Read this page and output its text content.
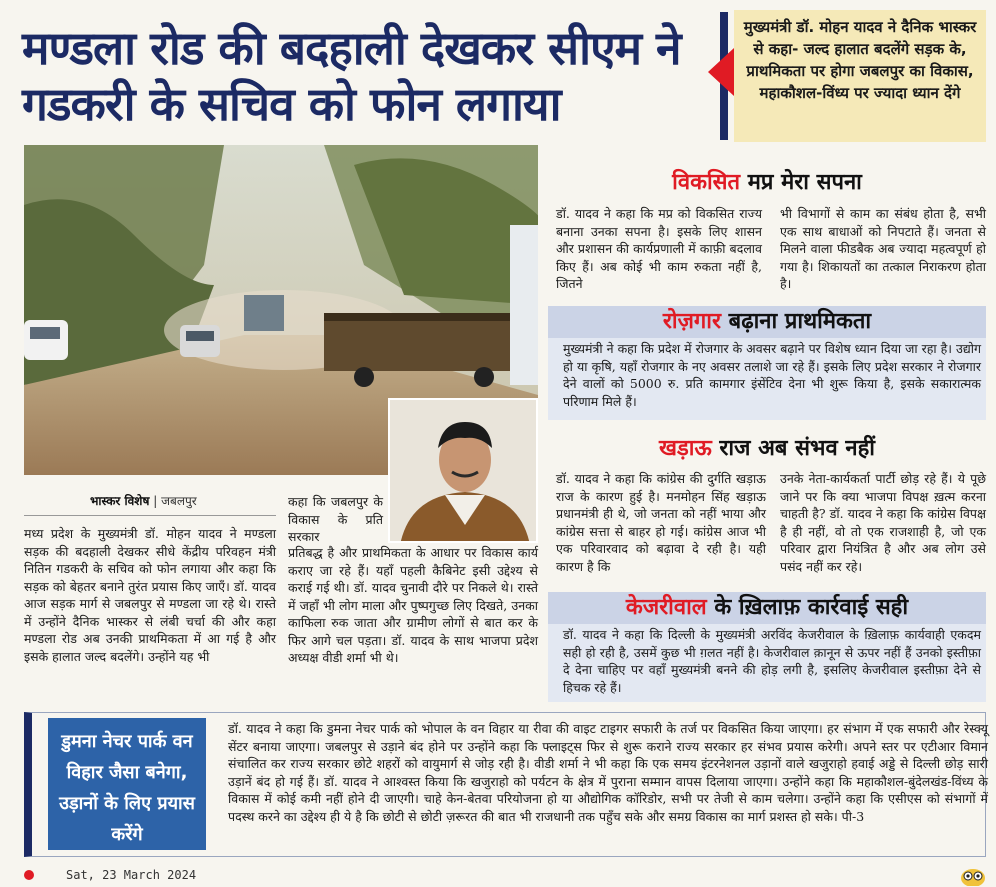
मण्डला रोड की बदहाली देखकर सीएम ने गडकरी के सचिव को फोन लगाया
मुख्यमंत्री डॉ. मोहन यादव ने दैनिक भास्कर से कहा- जल्द हालात बदलेंगे सड़क के, प्राथमिकता पर होगा जबलपुर का विकास, महाकौशल-विंध्य पर ज्यादा ध्यान देंगे
भास्कर विशेष | जबलपुर
मध्य प्रदेश के मुख्यमंत्री डॉ. मोहन यादव ने मण्डला सड़क की बदहाली देखकर सीधे केंद्रीय परिवहन मंत्री नितिन गडकरी के सचिव को फोन लगाया और कहा कि सड़क को बेहतर बनाने तुरंत प्रयास किए जाएँ। डॉ. यादव आज सड़क मार्ग से जबलपुर से मण्डला जा रहे थे। रास्ते में उन्होंने दैनिक भास्कर से लंबी चर्चा की और कहा मण्डला रोड अब उनकी प्राथमिकता में आ गई है और इसके हालात जल्द बदलेंगे। उन्होंने यह भी
कहा कि जबलपुर के विकास के प्रति सरकार
प्रतिबद्ध है और प्राथमिकता के आधार पर विकास कार्य कराए जा रहे हैं। यहाँ पहली कैबिनेट इसी उद्देश्य से कराई गई थी। डॉ. यादव चुनावी दौरे पर निकले थे। रास्ते में जहाँ भी लोग माला और पुष्पगुच्छ लिए दिखते, उनका काफिला रुक जाता और ग्रामीण लोगों से बात कर के फिर आगे चल पड़ता। डॉ. यादव के साथ भाजपा प्रदेश अध्यक्ष वीडी शर्मा भी थे।
विकसित मप्र मेरा सपना
डॉ. यादव ने कहा कि मप्र को विकसित राज्य बनाना उनका सपना है। इसके लिए शासन और प्रशासन की कार्यप्रणाली में काफ़ी बदलाव किए हैं। अब कोई भी काम रुकता नहीं है, जितने
भी विभागों से काम का संबंध होता है, सभी एक साथ बाधाओं को निपटाते हैं। जनता से मिलने वाला फीडबैक अब ज्यादा महत्वपूर्ण हो गया है। शिकायतों का तत्काल निराकरण होता है।
रोज़गार बढ़ाना प्राथमिकता
मुख्यमंत्री ने कहा कि प्रदेश में रोजगार के अवसर बढ़ाने पर विशेष ध्यान दिया जा रहा है। उद्योग हो या कृषि, यहाँ रोजगार के नए अवसर तलाशे जा रहे हैं। इसके लिए प्रदेश सरकार ने रोजगार देने वालों को 5000 रु. प्रति कामगार इंसेंटिव देना भी शुरू किया है, इसके सकारात्मक परिणाम मिले हैं।
खड़ाऊ राज अब संभव नहीं
डॉ. यादव ने कहा कि कांग्रेस की दुर्गति खड़ाऊ राज के कारण हुई है। मनमोहन सिंह खड़ाऊ प्रधानमंत्री ही थे, जो जनता को नहीं भाया और कांग्रेस सत्ता से बाहर हो गई। कांग्रेस आज भी एक परिवारवाद को बढ़ावा दे रही है। यही कारण है कि
उनके नेता-कार्यकर्ता पार्टी छोड़ रहे हैं। ये पूछे जाने पर कि क्या भाजपा विपक्ष ख़त्म करना चाहती है? डॉ. यादव ने कहा कि कांग्रेस विपक्ष है ही नहीं, वो तो एक राजशाही है, जो एक परिवार द्वारा नियंत्रित है और अब लोग उसे पसंद नहीं कर रहे।
केजरीवाल के ख़िलाफ़ कार्रवाई सही
डॉ. यादव ने कहा कि दिल्ली के मुख्यमंत्री अरविंद केजरीवाल के ख़िलाफ़ कार्यवाही एकदम सही हो रही है, उसमें कुछ भी ग़लत नहीं है। केजरीवाल क़ानून से ऊपर नहीं हैं उनको इस्तीफ़ा दे देना चाहिए पर वहाँ मुख्यमंत्री बनने की होड़ लगी है, इसलिए केजरीवाल इस्तीफ़ा देने से हिचक रहे हैं।
डुमना नेचर पार्क वन विहार जैसा बनेगा, उड़ानों के लिए प्रयास करेंगे
डॉ. यादव ने कहा कि डुमना नेचर पार्क को भोपाल के वन विहार या रीवा की वाइट टाइगर सफारी के तर्ज पर विकसित किया जाएगा। हर संभाग में एक सफारी और रेस्क्यू सेंटर बनाया जाएगा। जबलपुर से उड़ाने बंद होने पर उन्होंने कहा कि फ्लाइट्स फिर से शुरू कराने राज्य सरकार हर संभव प्रयास करेगी। अपने स्तर पर एटीआर विमान संचालित कर राज्य सरकार छोटे शहरों को वायुमार्ग से जोड़ रही है। वीडी शर्मा ने भी कहा कि एक समय इंटरनेशनल उड़ानों वाले खजुराहो हवाई अड्डे से दिल्ली छोड़ सारी उड़ानें बंद हो गई हैं। डॉ. यादव ने आश्वस्त किया कि खजुराहो को पर्यटन के क्षेत्र में पुराना सम्मान वापस दिलाया जाएगा। उन्होंने कहा कि महाकौशल-बुंदेलखंड-विंध्य के विकास में कोई कमी नहीं होने दी जाएगी। चाहे केन-बेतवा परियोजना हो या औद्योगिक कॉरिडोर, सभी पर तेजी से काम चलेगा। उन्होंने कहा कि एसीएस को संभागों में पदस्थ करने का उद्देश्य ही ये है कि छोटी से छोटी ज़रूरत की बात भी राजधानी तक पहुँच सके और समग्र विकास का मार्ग प्रशस्त हो सके। पी-3
Sat, 23 March 2024
